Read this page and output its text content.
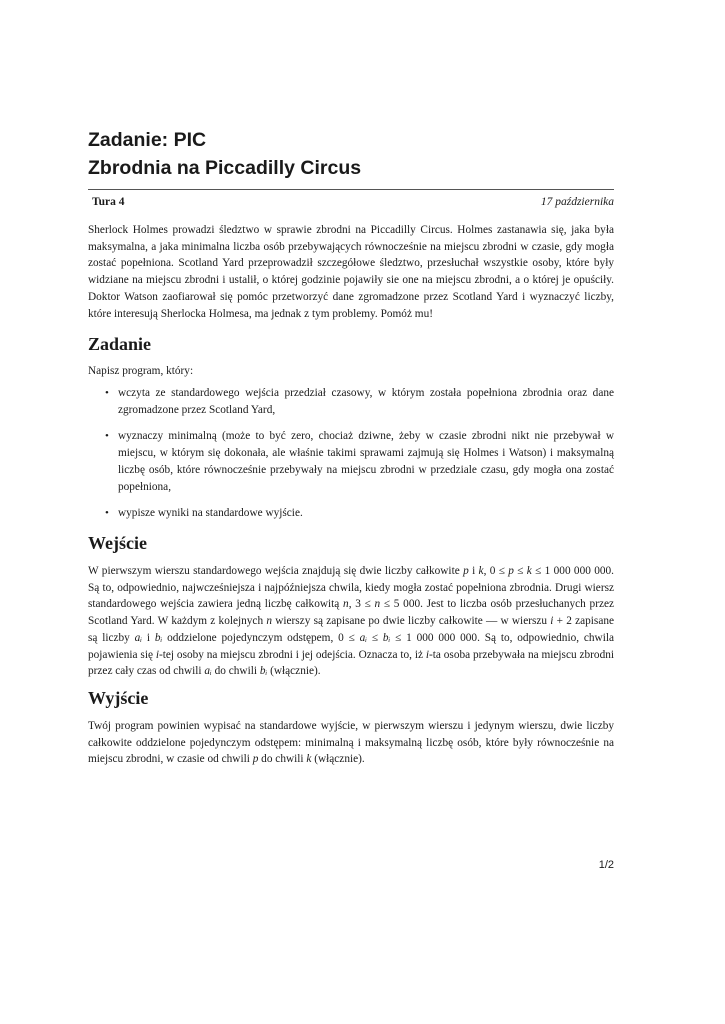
Zadanie: PIC
Zbrodnia na Piccadilly Circus
Tura 4	17 października

Sherlock Holmes prowadzi śledztwo w sprawie zbrodni na Piccadilly Circus. Holmes zastanawia się, jaka była maksymalna, a jaka minimalna liczba osób przebywających równocześnie na miejscu zbrodni w czasie, gdy mogła zostać popełniona. Scotland Yard przeprowadził szczegółowe śledztwo, przesłuchał wszystkie osoby, które były widziane na miejscu zbrodni i ustalił, o której godzinie pojawiły sie one na miejscu zbrodni, a o której je opuściły. Doktor Watson zaofiarował się pomóc przetworzyć dane zgromadzone przez Scotland Yard i wyznaczyć liczby, które interesują Sherlocka Holmesa, ma jednak z tym problemy. Pomóż mu!

Zadanie

Napisz program, który:

• wczyta ze standardowego wejścia przedział czasowy, w którym została popełniona zbrodnia oraz dane zgromadzone przez Scotland Yard,
• wyznaczy minimalną (może to być zero, chociaż dziwne, żeby w czasie zbrodni nikt nie przebywał w miejscu, w którym się dokonała, ale właśnie takimi sprawami zajmują się Holmes i Watson) i maksymalną liczbę osób, które równocześnie przebywały na miejscu zbrodni w przedziale czasu, gdy mogła ona zostać popełniona,
• wypisze wyniki na standardowe wyjście.
Wejście

W pierwszym wierszu standardowego wejścia znajdują się dwie liczby całkowite p i k, 0 ≤ p ≤ k ≤ 1 000 000 000. Są to, odpowiednio, najwcześniejsza i najpóźniejsza chwila, kiedy mogła zostać popełniona zbrodnia. Drugi wiersz standardowego wejścia zawiera jedną liczbę całkowitą n, 3 ≤ n ≤ 5 000. Jest to liczba osób przesłuchanych przez Scotland Yard. W każdym z kolejnych n wierszy są zapisane po dwie liczby całkowite — w wierszu i + 2 zapisane są liczby aᵢ i bᵢ oddzielone pojedynczym odstępem, 0 ≤ aᵢ ≤ bᵢ ≤ 1 000 000 000. Są to, odpowiednio, chwila pojawienia się i-tej osoby na miejscu zbrodni i jej odejścia. Oznacza to, iż i-ta osoba przebywała na miejscu zbrodni przez cały czas od chwili aᵢ do chwili bᵢ (włącznie).

Wyjście

Twój program powinien wypisać na standardowe wyjście, w pierwszym wierszu i jedynym wierszu, dwie liczby całkowite oddzielone pojedynczym odstępem: minimalną i maksymalną liczbę osób, które były równocześnie na miejscu zbrodni, w czasie od chwili p do chwili k (włącznie).

1/2
